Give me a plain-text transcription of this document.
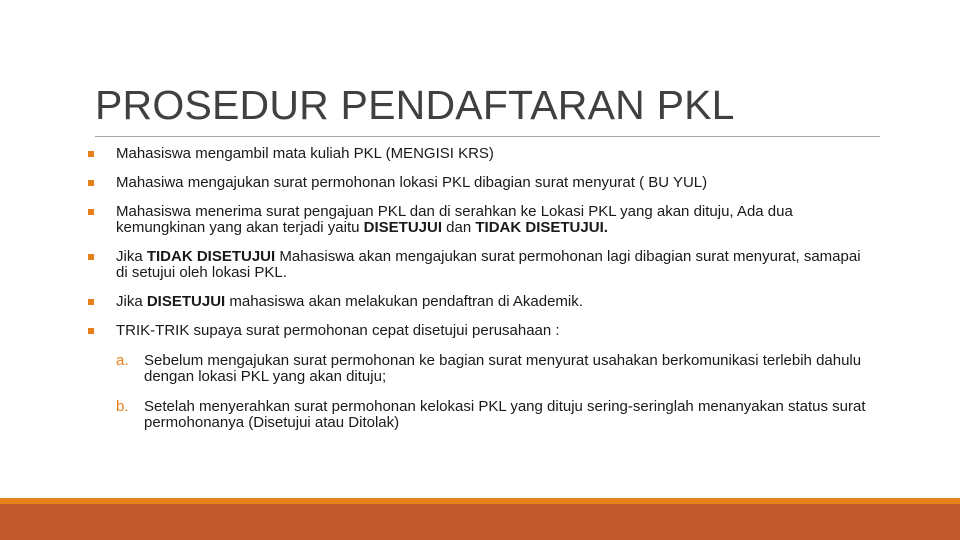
PROSEDUR PENDAFTARAN PKL
Mahasiswa mengambil mata kuliah PKL (MENGISI KRS)
Mahasiwa mengajukan surat permohonan lokasi PKL dibagian surat menyurat ( BU YUL)
Mahasiswa menerima surat pengajuan PKL dan di serahkan ke Lokasi PKL yang akan dituju, Ada dua kemungkinan yang akan terjadi yaitu DISETUJUI dan TIDAK DISETUJUI.
Jika TIDAK DISETUJUI Mahasiswa akan mengajukan surat permohonan lagi dibagian surat menyurat, samapai di setujui oleh lokasi PKL.
Jika DISETUJUI mahasiswa akan melakukan pendaftran di Akademik.
TRIK-TRIK supaya surat permohonan cepat disetujui perusahaan :
a. Sebelum mengajukan surat permohonan ke bagian surat menyurat usahakan berkomunikasi terlebih dahulu dengan lokasi PKL yang akan dituju;
b. Setelah menyerahkan surat permohonan kelokasi PKL yang dituju sering-seringlah menanyakan status surat permohonanya (Disetujui atau Ditolak)
